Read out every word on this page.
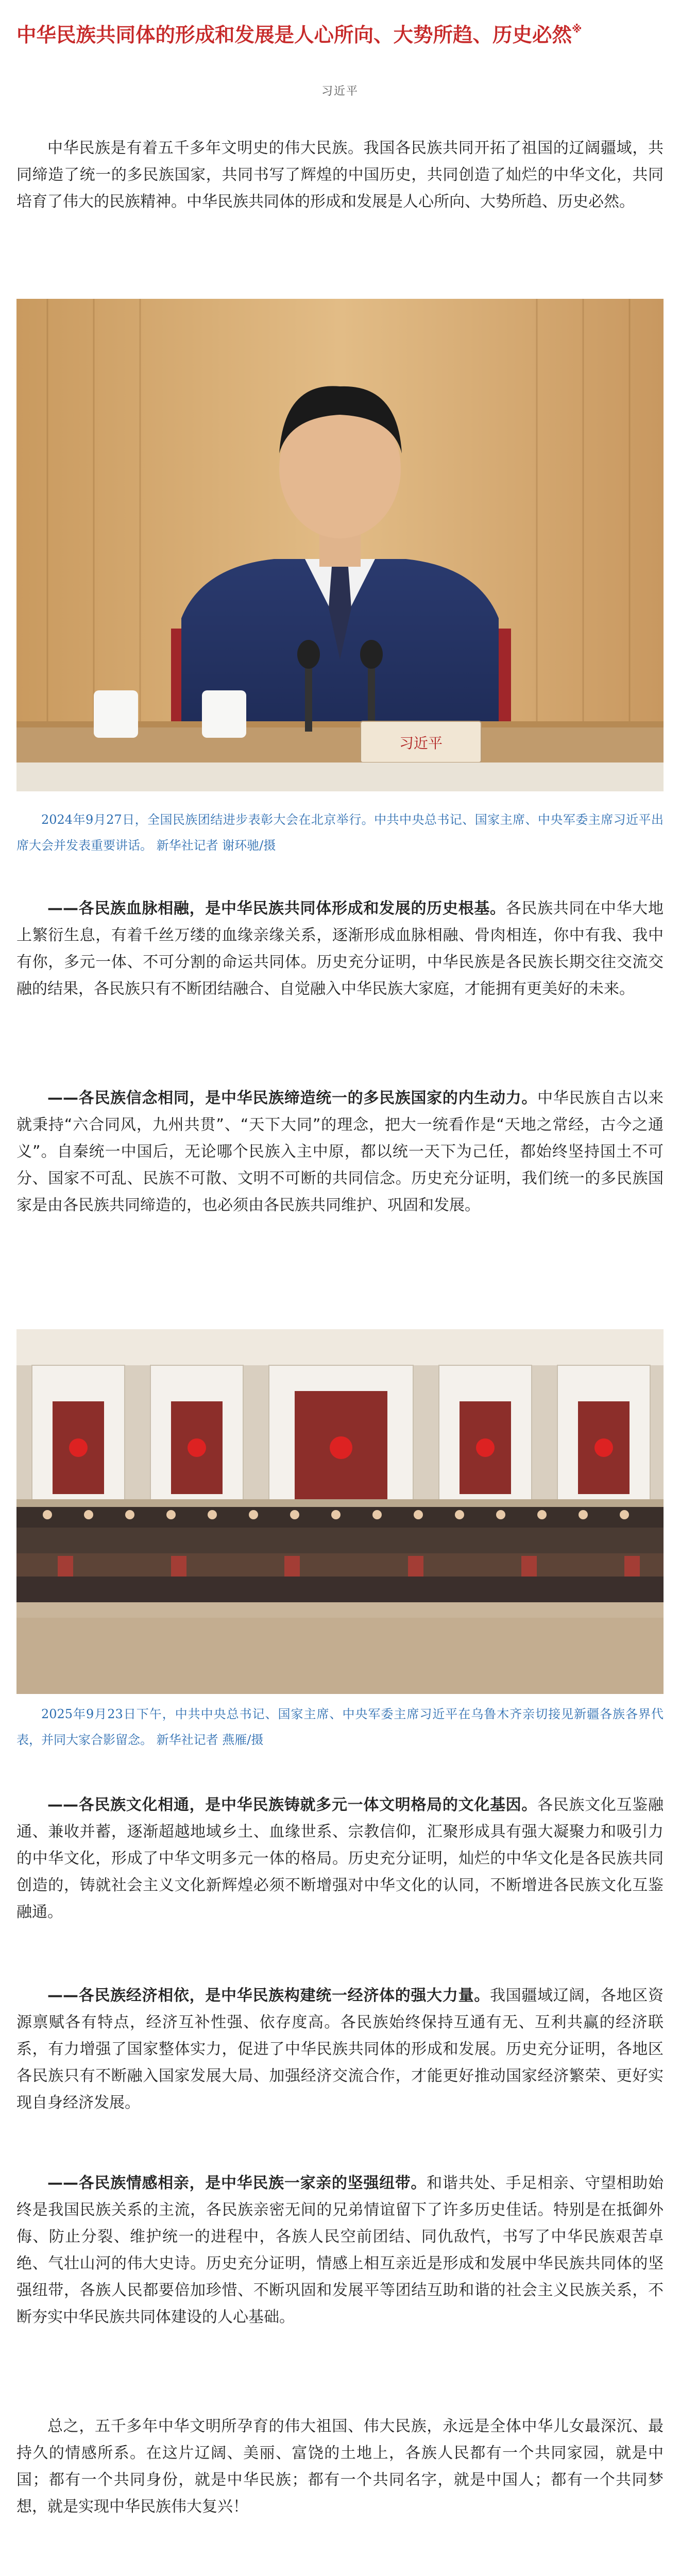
中华民族共同体的形成和发展是人心所向、大势所趋、历史必然※
习近平

中华民族是有着五千多年文明史的伟大民族。我国各民族共同开拓了祖国的辽阔疆域，共同缔造了统一的多民族国家，共同书写了辉煌的中国历史，共同创造了灿烂的中华文化，共同培育了伟大的民族精神。中华民族共同体的形成和发展是人心所向、大势所趋、历史必然。

习近平

2024年9月27日，全国民族团结进步表彰大会在北京举行。中共中央总书记、国家主席、中央军委主席习近平出席大会并发表重要讲话。 新华社记者 谢环驰/摄

——各民族血脉相融，是中华民族共同体形成和发展的历史根基。各民族共同在中华大地上繁衍生息，有着千丝万缕的血缘亲缘关系，逐渐形成血脉相融、骨肉相连，你中有我、我中有你，多元一体、不可分割的命运共同体。历史充分证明，中华民族是各民族长期交往交流交融的结果，各民族只有不断团结融合、自觉融入中华民族大家庭，才能拥有更美好的未来。

——各民族信念相同，是中华民族缔造统一的多民族国家的内生动力。中华民族自古以来就秉持“六合同风，九州共贯”、“天下大同”的理念，把大一统看作是“天地之常经，古今之通义”。自秦统一中国后，无论哪个民族入主中原，都以统一天下为己任，都始终坚持国土不可分、国家不可乱、民族不可散、文明不可断的共同信念。历史充分证明，我们统一的多民族国家是由各民族共同缔造的，也必须由各民族共同维护、巩固和发展。

2025年9月23日下午，中共中央总书记、国家主席、中央军委主席习近平在乌鲁木齐亲切接见新疆各族各界代表，并同大家合影留念。 新华社记者 燕雁/摄

——各民族文化相通，是中华民族铸就多元一体文明格局的文化基因。各民族文化互鉴融通、兼收并蓄，逐渐超越地域乡土、血缘世系、宗教信仰，汇聚形成具有强大凝聚力和吸引力的中华文化，形成了中华文明多元一体的格局。历史充分证明，灿烂的中华文化是各民族共同创造的，铸就社会主义文化新辉煌必须不断增强对中华文化的认同，不断增进各民族文化互鉴融通。

——各民族经济相依，是中华民族构建统一经济体的强大力量。我国疆域辽阔，各地区资源禀赋各有特点，经济互补性强、依存度高。各民族始终保持互通有无、互利共赢的经济联系，有力增强了国家整体实力，促进了中华民族共同体的形成和发展。历史充分证明，各地区各民族只有不断融入国家发展大局、加强经济交流合作，才能更好推动国家经济繁荣、更好实现自身经济发展。

——各民族情感相亲，是中华民族一家亲的坚强纽带。和谐共处、手足相亲、守望相助始终是我国民族关系的主流，各民族亲密无间的兄弟情谊留下了许多历史佳话。特别是在抵御外侮、防止分裂、维护统一的进程中，各族人民空前团结、同仇敌忾，书写了中华民族艰苦卓绝、气壮山河的伟大史诗。历史充分证明，情感上相互亲近是形成和发展中华民族共同体的坚强纽带，各族人民都要倍加珍惜、不断巩固和发展平等团结互助和谐的社会主义民族关系，不断夯实中华民族共同体建设的人心基础。

总之，五千多年中华文明所孕育的伟大祖国、伟大民族，永远是全体中华儿女最深沉、最持久的情感所系。在这片辽阔、美丽、富饶的土地上，各族人民都有一个共同家园，就是中国；都有一个共同身份，就是中华民族；都有一个共同名字，就是中国人；都有一个共同梦想，就是实现中华民族伟大复兴！
